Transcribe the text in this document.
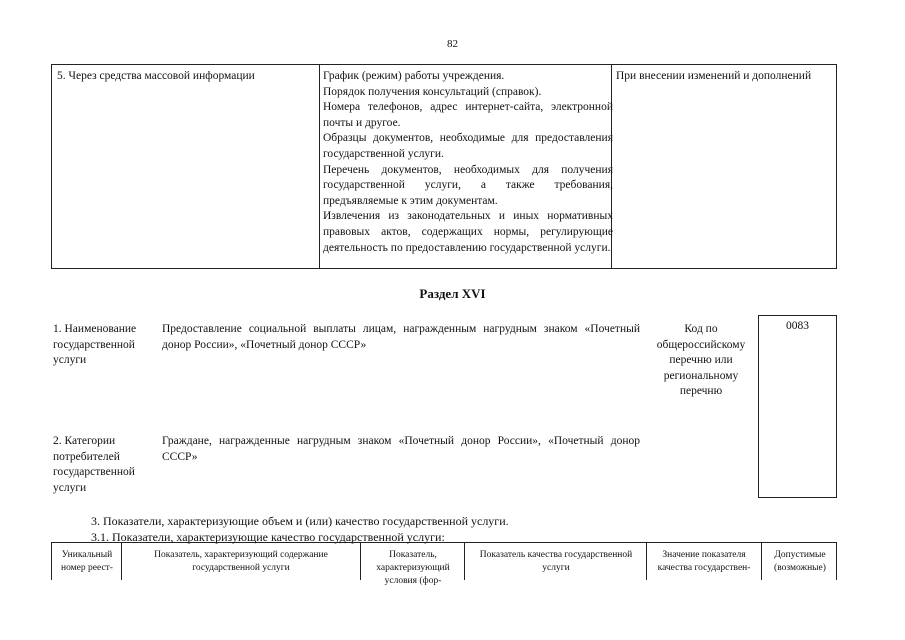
82
5. Через средства массовой информации	График (режим) работы учреждения.

Порядок получения консультаций (справок).

Номера телефонов, адрес интернет-сайта, электронной почты и другое.

Образцы документов, необходимые для предоставления государственной услуги.

Перечень документов, необходимых для получения государственной услуги, а также требования, предъявляемые к этим документам.

Извлечения из законодательных и иных нормативных правовых актов, содержащих нормы, регулирующие деятельность по предоставлению государственной услуги.

При внесении изменений и дополнений
Раздел XVI
1. Наименование государственной услуги
Предоставление социальной выплаты лицам, награжденным нагрудным знаком «Почетный донор России», «Почетный донор СССР»
Код по общероссийскому перечню или региональному перечню
0083
2. Категории потребителей государственной услуги
Граждане, награжденные нагрудным знаком «Почетный донор России», «Почетный донор СССР»
3. Показатели, характеризующие объем и (или) качество государственной услуги.
3.1. Показатели, характеризующие качество государственной услуги:
Уникальный номер реест-
Показатель, характеризующий содержание государственной услуги
Показатель, характеризующий условия (фор-
Показатель качества государственной услуги
Значение показателя качества государствен-
Допустимые (возможные)
